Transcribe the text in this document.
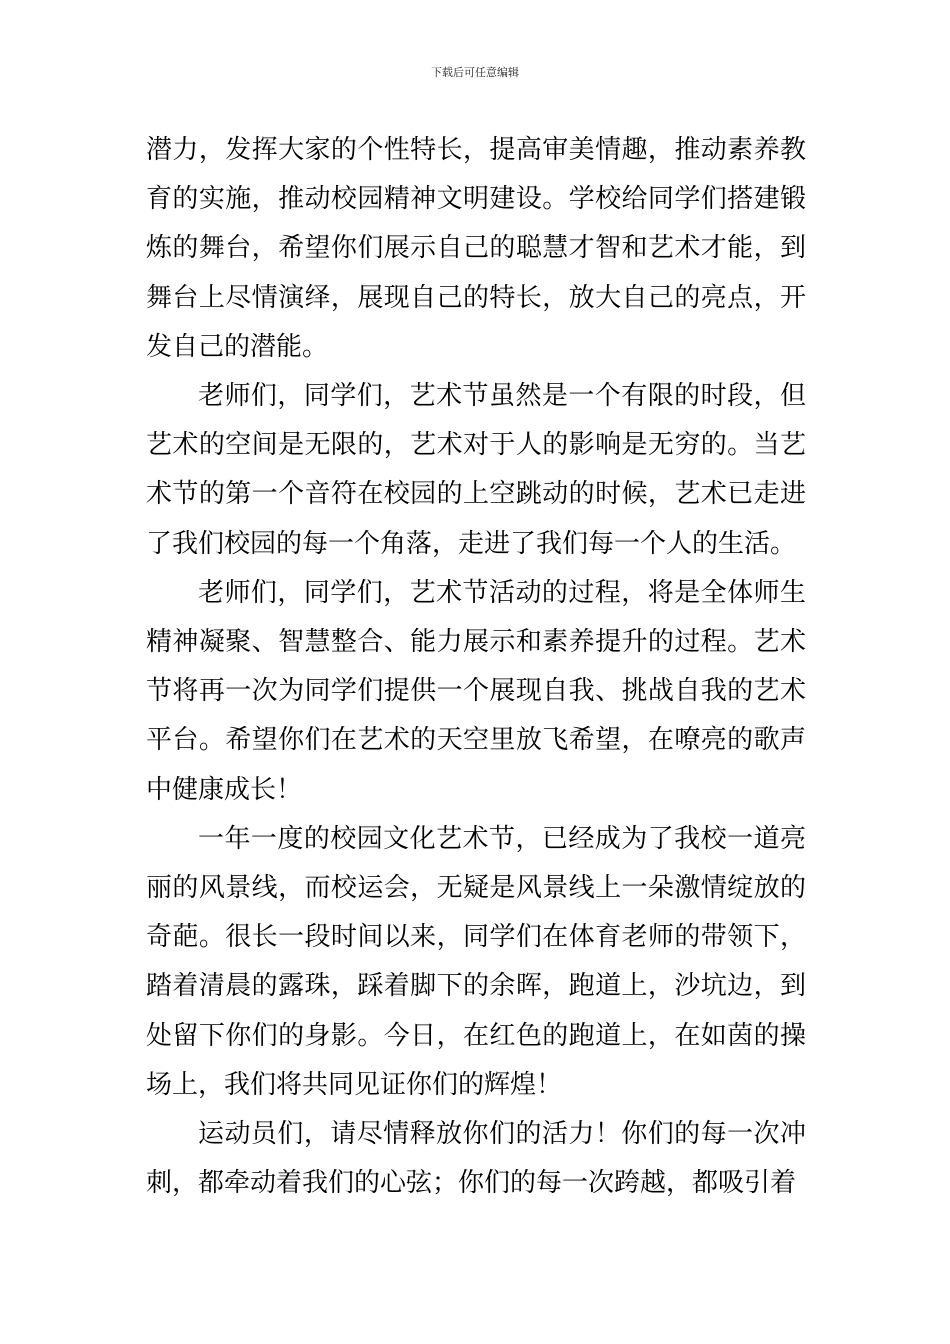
下载后可任意编辑

潜力，发挥大家的个性特长，提高审美情趣，推动素养教育的实施，推动校园精神文明建设。学校给同学们搭建锻炼的舞台，希望你们展示自己的聪慧才智和艺术才能，到舞台上尽情演绎，展现自己的特长，放大自己的亮点，开发自己的潜能。

老师们，同学们，艺术节虽然是一个有限的时段，但艺术的空间是无限的，艺术对于人的影响是无穷的。当艺术节的第一个音符在校园的上空跳动的时候，艺术已走进了我们校园的每一个角落，走进了我们每一个人的生活。

老师们，同学们，艺术节活动的过程，将是全体师生精神凝聚、智慧整合、能力展示和素养提升的过程。艺术节将再一次为同学们提供一个展现自我、挑战自我的艺术平台。希望你们在艺术的天空里放飞希望，在嘹亮的歌声中健康成长！

一年一度的校园文化艺术节，已经成为了我校一道亮丽的风景线，而校运会，无疑是风景线上一朵激情绽放的奇葩。很长一段时间以来，同学们在体育老师的带领下，踏着清晨的露珠，踩着脚下的余晖，跑道上，沙坑边，到处留下你们的身影。今日，在红色的跑道上，在如茵的操场上，我们将共同见证你们的辉煌！

运动员们，请尽情释放你们的活力！你们的每一次冲刺，都牵动着我们的心弦；你们的每一次跨越，都吸引着
